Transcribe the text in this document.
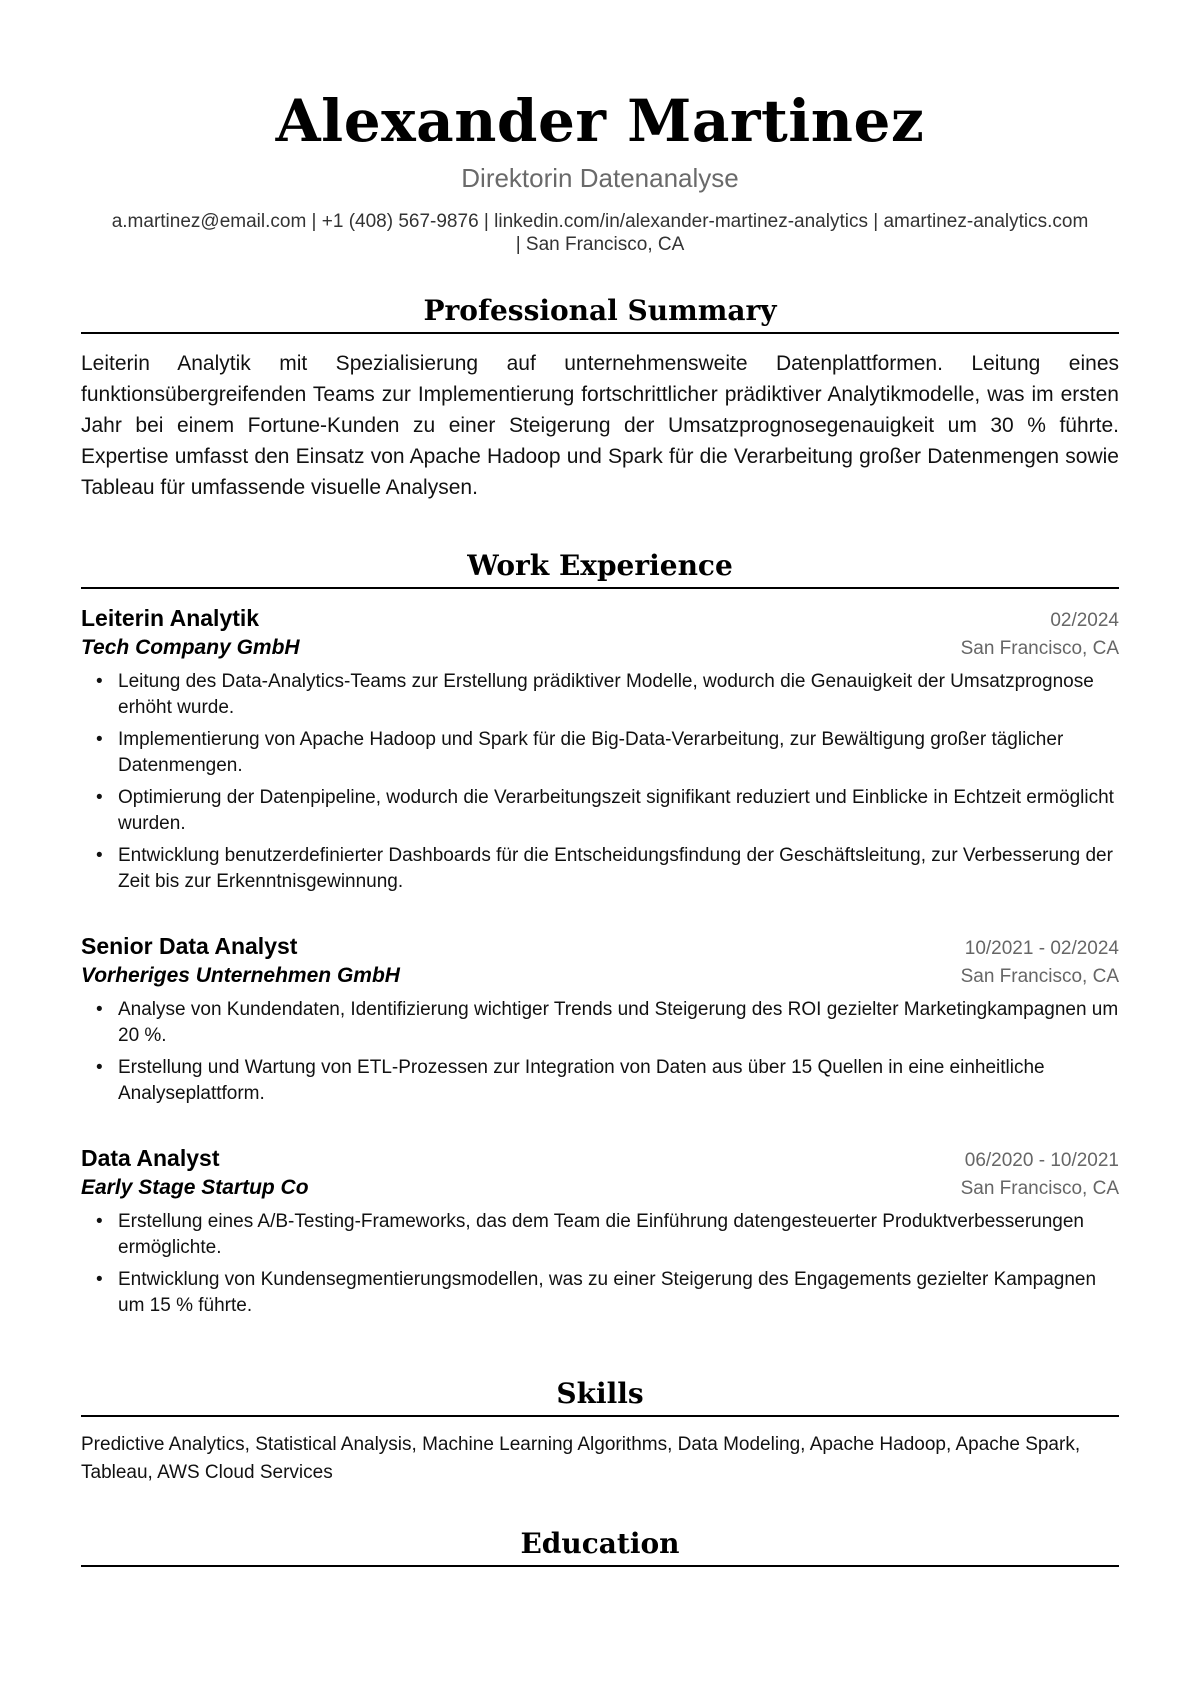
Alexander Martinez
Direktorin Datenanalyse
a.martinez@email.com | +1 (408) 567-9876 | linkedin.com/in/alexander-martinez-analytics | amartinez-analytics.com
| San Francisco, CA
Professional Summary
Leiterin Analytik mit Spezialisierung auf unternehmensweite Datenplattformen. Leitung eines funktionsübergreifenden Teams zur Implementierung fortschrittlicher prädiktiver Analytikmodelle, was im ersten Jahr bei einem Fortune-Kunden zu einer Steigerung der Umsatzprognosegenauigkeit um 30 % führte. Expertise umfasst den Einsatz von Apache Hadoop und Spark für die Verarbeitung großer Datenmengen sowie Tableau für umfassende visuelle Analysen.
Work Experience
Leiterin Analytik	02/2024
Tech Company GmbH	San Francisco, CA
• Leitung des Data-Analytics-Teams zur Erstellung prädiktiver Modelle, wodurch die Genauigkeit der Umsatzprognose erhöht wurde.
• Implementierung von Apache Hadoop und Spark für die Big-Data-Verarbeitung, zur Bewältigung großer täglicher Datenmengen.
• Optimierung der Datenpipeline, wodurch die Verarbeitungszeit signifikant reduziert und Einblicke in Echtzeit ermöglicht wurden.
• Entwicklung benutzerdefinierter Dashboards für die Entscheidungsfindung der Geschäftsleitung, zur Verbesserung der Zeit bis zur Erkenntnisgewinnung.
Senior Data Analyst	10/2021 - 02/2024
Vorheriges Unternehmen GmbH	San Francisco, CA
• Analyse von Kundendaten, Identifizierung wichtiger Trends und Steigerung des ROI gezielter Marketingkampagnen um 20 %.
• Erstellung und Wartung von ETL-Prozessen zur Integration von Daten aus über 15 Quellen in eine einheitliche Analyseplattform.
Data Analyst	06/2020 - 10/2021
Early Stage Startup Co	San Francisco, CA
• Erstellung eines A/B-Testing-Frameworks, das dem Team die Einführung datengesteuerter Produktverbesserungen ermöglichte.
• Entwicklung von Kundensegmentierungsmodellen, was zu einer Steigerung des Engagements gezielter Kampagnen um 15 % führte.
Skills
Predictive Analytics, Statistical Analysis, Machine Learning Algorithms, Data Modeling, Apache Hadoop, Apache Spark, Tableau, AWS Cloud Services
Education
